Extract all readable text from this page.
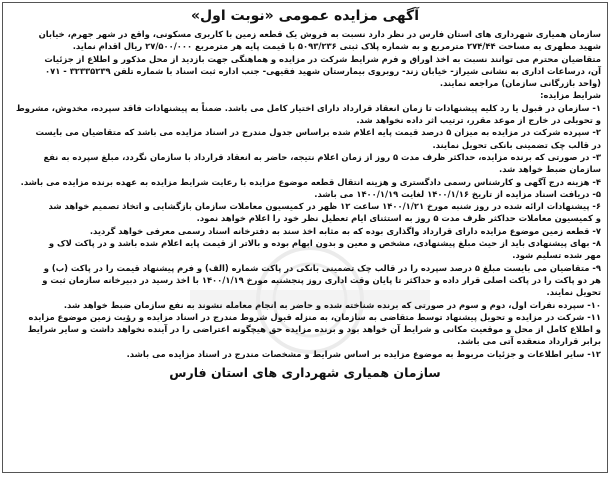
آگهی مزایده عمومی «نوبت اول»

سازمان همیاری شهرداری های استان فارس در نظر دارد نسبت به فروش یک قطعه زمین با کاربری مسکونی، واقع در شهر جهرم، خیابان

شهید مطهری به مساحت ۲۷۴/۴۴ مترمربع و به شماره پلاک ثبتی ۵۰۹۳/۲۳۶ با قیمت پایه هر مترمربع ۲۷/۵۰۰/۰۰۰ ریال اقدام نماید.

متقاضیان محترم می توانند نسبت به اخذ اوراق و فرم شرایط شرکت در مزایده و هماهنگی جهت بازدید از محل مذکور و اطلاع از جزئیات

آن، درساعات اداری به نشانی شیراز- خیابان زند- روبروی بیمارستان شهید فقیهی- جنب اداره ثبت اسناد با شماره تلفن ۳۲۳۳۵۲۳۹ - ۰۷۱

(واحد بازرگانی سازمان) مراجعه نمایند.

شرایط مزایده:

۱- سازمان در قبول یا رد کلیه پیشنهادات تا زمان انعقاد قرارداد دارای اختیار کامل می باشد. ضمناً به پیشنهادات فاقد سپرده، مخدوش، مشروط

و تحویلی در خارج از موعد مقرر، ترتیب اثر داده نخواهد شد.

۲- سپرده شرکت در مزایده به میزان ۵ درصد قیمت پایه اعلام شده براساس جدول مندرج در اسناد مزایده می باشد که متقاضیان می بایست

در قالب چک تضمینی بانکی تحویل نمایند.

۳- در صورتی که برنده مزایده، حداکثر ظرف مدت ۵ روز از زمان اعلام نتیجه، حاضر به انعقاد قرارداد با سازمان نگردد، مبلغ سپرده به نفع

سازمان ضبط خواهد شد.

۴- هزینه درج آگهی و کارشناس رسمی دادگستری و هزینه انتقال قطعه موضوع مزایده با رعایت شرایط مزایده به عهده برنده مزایده می باشد.

۵- دریافت اسناد مزایده از تاریخ ۱۴۰۰/۱/۱۶ لغایت ۱۴۰۰/۱/۱۹ می باشد.

۶- پیشنهادات ارائه شده در روز شنبه مورخ ۱۴۰۰/۱/۲۱ ساعت ۱۲ ظهر در کمیسیون معاملات سازمان بازگشایی و اتخاذ تصمیم خواهد شد

و کمیسیون معاملات حداکثر ظرف مدت ۵ روز به استثنای ایام تعطیل نظر خود را اعلام خواهد نمود.

۷- قطعه زمین موضوع مزایده دارای قرارداد واگذاری بوده که به مثابه اخذ سند به دفترخانه اسناد رسمی معرفی خواهد گردید.

۸- بهای پیشنهادی باید از حیث مبلغ پیشنهادی، مشخص و معین و بدون ابهام بوده و بالاتر از قیمت پایه اعلام شده باشد و در پاکت لاک و

مهر شده تسلیم شود.

۹- متقاضیان می بایست مبلغ ۵ درصد سپرده را در قالب چک تضمینی بانکی در پاکت شماره (الف) و فرم پیشنهاد قیمت را در پاکت (ب) و

هر دو پاکت را در پاکت اصلی قرار داده و حداکثر تا پایان وقت اداری روز پنجشنبه مورخ ۱۴۰۰/۱/۱۹ با اخذ رسید در دبیرخانه سازمان ثبت و

تحویل نمایند.

۱۰- سپرده نفرات اول، دوم و سوم در صورتی که برنده شناخته شده و حاضر به انجام معامله نشوند به نفع سازمان ضبط خواهد شد.

۱۱- شرکت در مزایده و تحویل پیشنهاد توسط متقاضی به سازمان، به منزله قبول شروط مندرج در اسناد مزایده و رؤیت زمین موضوع مزایده

و اطلاع کامل از محل و موقعیت مکانی و شرایط آن خواهد بود و برنده مزایده حق هیچگونه اعتراضی را در آینده نخواهد داشت و سایر شرایط

برابر قرارداد منعقده آتی می باشد.

۱۲- سایر اطلاعات و جزئیات مربوط به موضوع مزایده بر اساس شرایط و مشخصات مندرج در اسناد مزایده می باشد.

سازمان همیاری شهرداری های استان فارس
